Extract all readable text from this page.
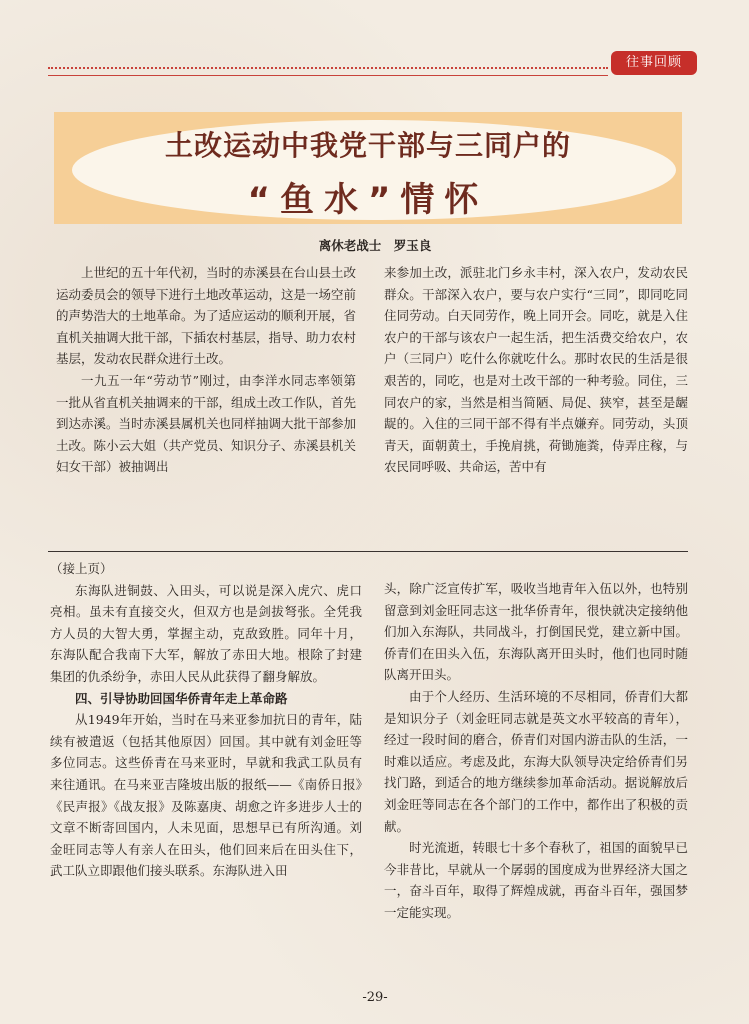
往事回顾
土改运动中我党干部与三同户的
“鱼水”情怀
离休老战士　罗玉良

上世纪的五十年代初，当时的赤溪县在台山县土改运动委员会的领导下进行土地改革运动，这是一场空前的声势浩大的土地革命。为了适应运动的顺利开展，省直机关抽调大批干部，下插农村基层，指导、助力农村基层，发动农民群众进行土改。

一九五一年“劳动节”刚过，由李洋水同志率领第一批从省直机关抽调来的干部，组成土改工作队，首先到达赤溪。当时赤溪县属机关也同样抽调大批干部参加土改。陈小云大姐（共产党员、知识分子、赤溪县机关妇女干部）被抽调出

来参加土改，派驻北门乡永丰村，深入农户，发动农民群众。干部深入农户，要与农户实行“三同”，即同吃同住同劳动。白天同劳作，晚上同开会。同吃，就是入住农户的干部与该农户一起生活，把生活费交给农户，农户（三同户）吃什么你就吃什么。那时农民的生活是很艰苦的，同吃，也是对土改干部的一种考验。同住，三同农户的家，当然是相当简陋、局促、狭窄，甚至是龌龊的。入住的三同干部不得有半点嫌弃。同劳动，头顶青天，面朝黄土，手挽肩挑，荷锄施粪，侍弄庄稼，与农民同呼吸、共命运，苦中有

（接上页）

东海队进铜鼓、入田头，可以说是深入虎穴、虎口亮相。虽未有直接交火，但双方也是剑拔弩张。全凭我方人员的大智大勇，掌握主动，克敌致胜。同年十月，东海队配合我南下大军，解放了赤田大地。根除了封建集团的仇杀纷争，赤田人民从此获得了翻身解放。

四、引导协助回国华侨青年走上革命路

从1949年开始，当时在马来亚参加抗日的青年，陆续有被遣返（包括其他原因）回国。其中就有刘金旺等多位同志。这些侨青在马来亚时，早就和我武工队员有来往通讯。在马来亚吉隆坡出版的报纸——《南侨日报》《民声报》《战友报》及陈嘉庚、胡愈之许多进步人士的文章不断寄回国内，人未见面，思想早已有所沟通。刘金旺同志等人有亲人在田头，他们回来后在田头住下，武工队立即跟他们接头联系。东海队进入田

头，除广泛宣传扩军，吸收当地青年入伍以外，也特别留意到刘金旺同志这一批华侨青年，很快就决定接纳他们加入东海队，共同战斗，打倒国民党，建立新中国。侨青们在田头入伍，东海队离开田头时，他们也同时随队离开田头。

由于个人经历、生活环境的不尽相同，侨青们大都是知识分子（刘金旺同志就是英文水平较高的青年），经过一段时间的磨合，侨青们对国内游击队的生活，一时难以适应。考虑及此，东海大队领导决定给侨青们另找门路，到适合的地方继续参加革命活动。据说解放后刘金旺等同志在各个部门的工作中，都作出了积极的贡献。

时光流逝，转眼七十多个春秋了，祖国的面貌早已今非昔比，早就从一个孱弱的国度成为世界经济大国之一，奋斗百年，取得了辉煌成就，再奋斗百年，强国梦一定能实现。

-29-
